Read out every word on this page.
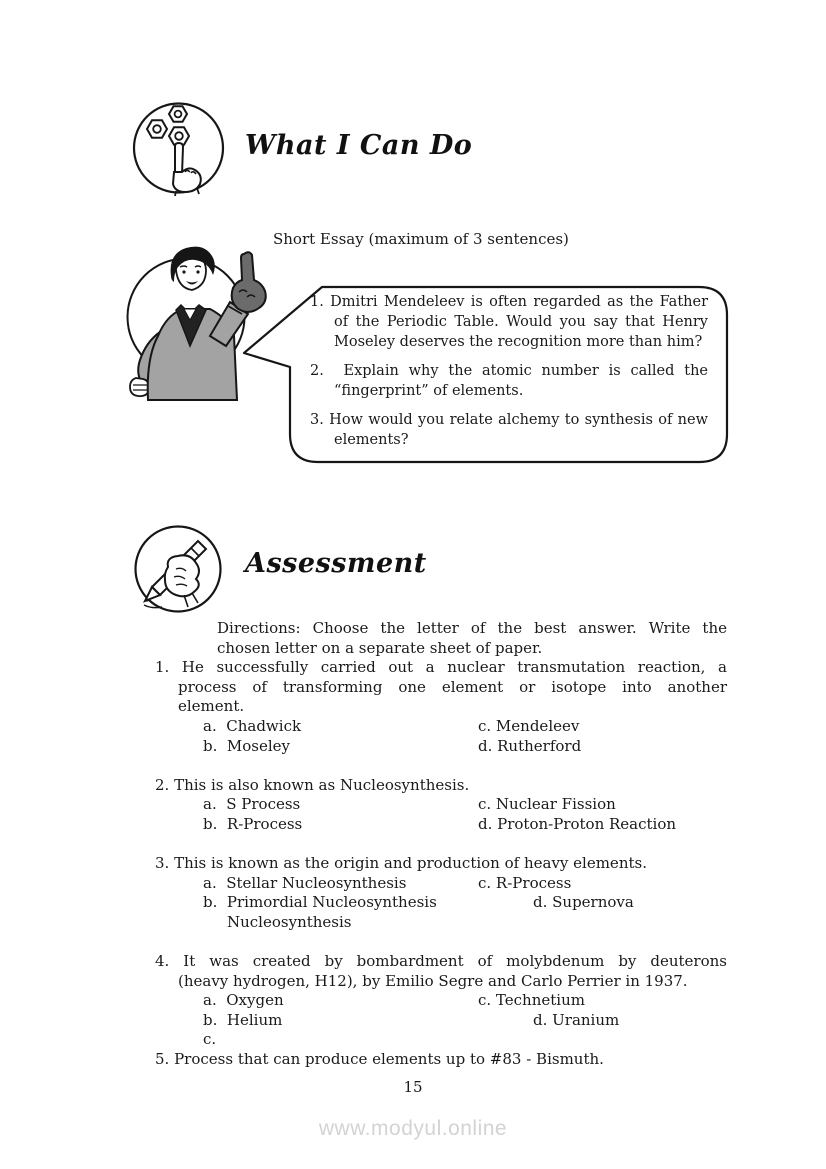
What I Can Do
Short Essay (maximum of 3 sentences)
1. Dmitri Mendeleev is often regarded as the Father
of the Periodic Table. Would you say that Henry
Moseley deserves the recognition more than him?
2.  Explain why the atomic number is called the
“fingerprint” of elements.
3. How would you relate alchemy to synthesis of new
elements?
Assessment
Directions: Choose the letter of the best answer. Write the
chosen letter on a separate sheet of paper.
1. He successfully carried out a nuclear transmutation reaction, a
process of transforming one element or isotope into another
element.
a.  Chadwick	c. Mendeleev
b.  Moseley	d. Rutherford
2. This is also known as Nucleosynthesis.
a.  S Process	c. Nuclear Fission
b.  R-Process	d. Proton-Proton Reaction
3. This is known as the origin and production of heavy elements.
a.  Stellar Nucleosynthesis	c. R-Process
b.  Primordial Nucleosynthesis	d. Supernova
Nucleosynthesis
4. It was created by bombardment of molybdenum by deuterons
(heavy hydrogen, H12), by Emilio Segre and Carlo Perrier in 1937.
a.  Oxygen	c. Technetium
b.  Helium	d. Uranium
c.
5. Process that can produce elements up to #83 - Bismuth.
15
www.modyul.online
